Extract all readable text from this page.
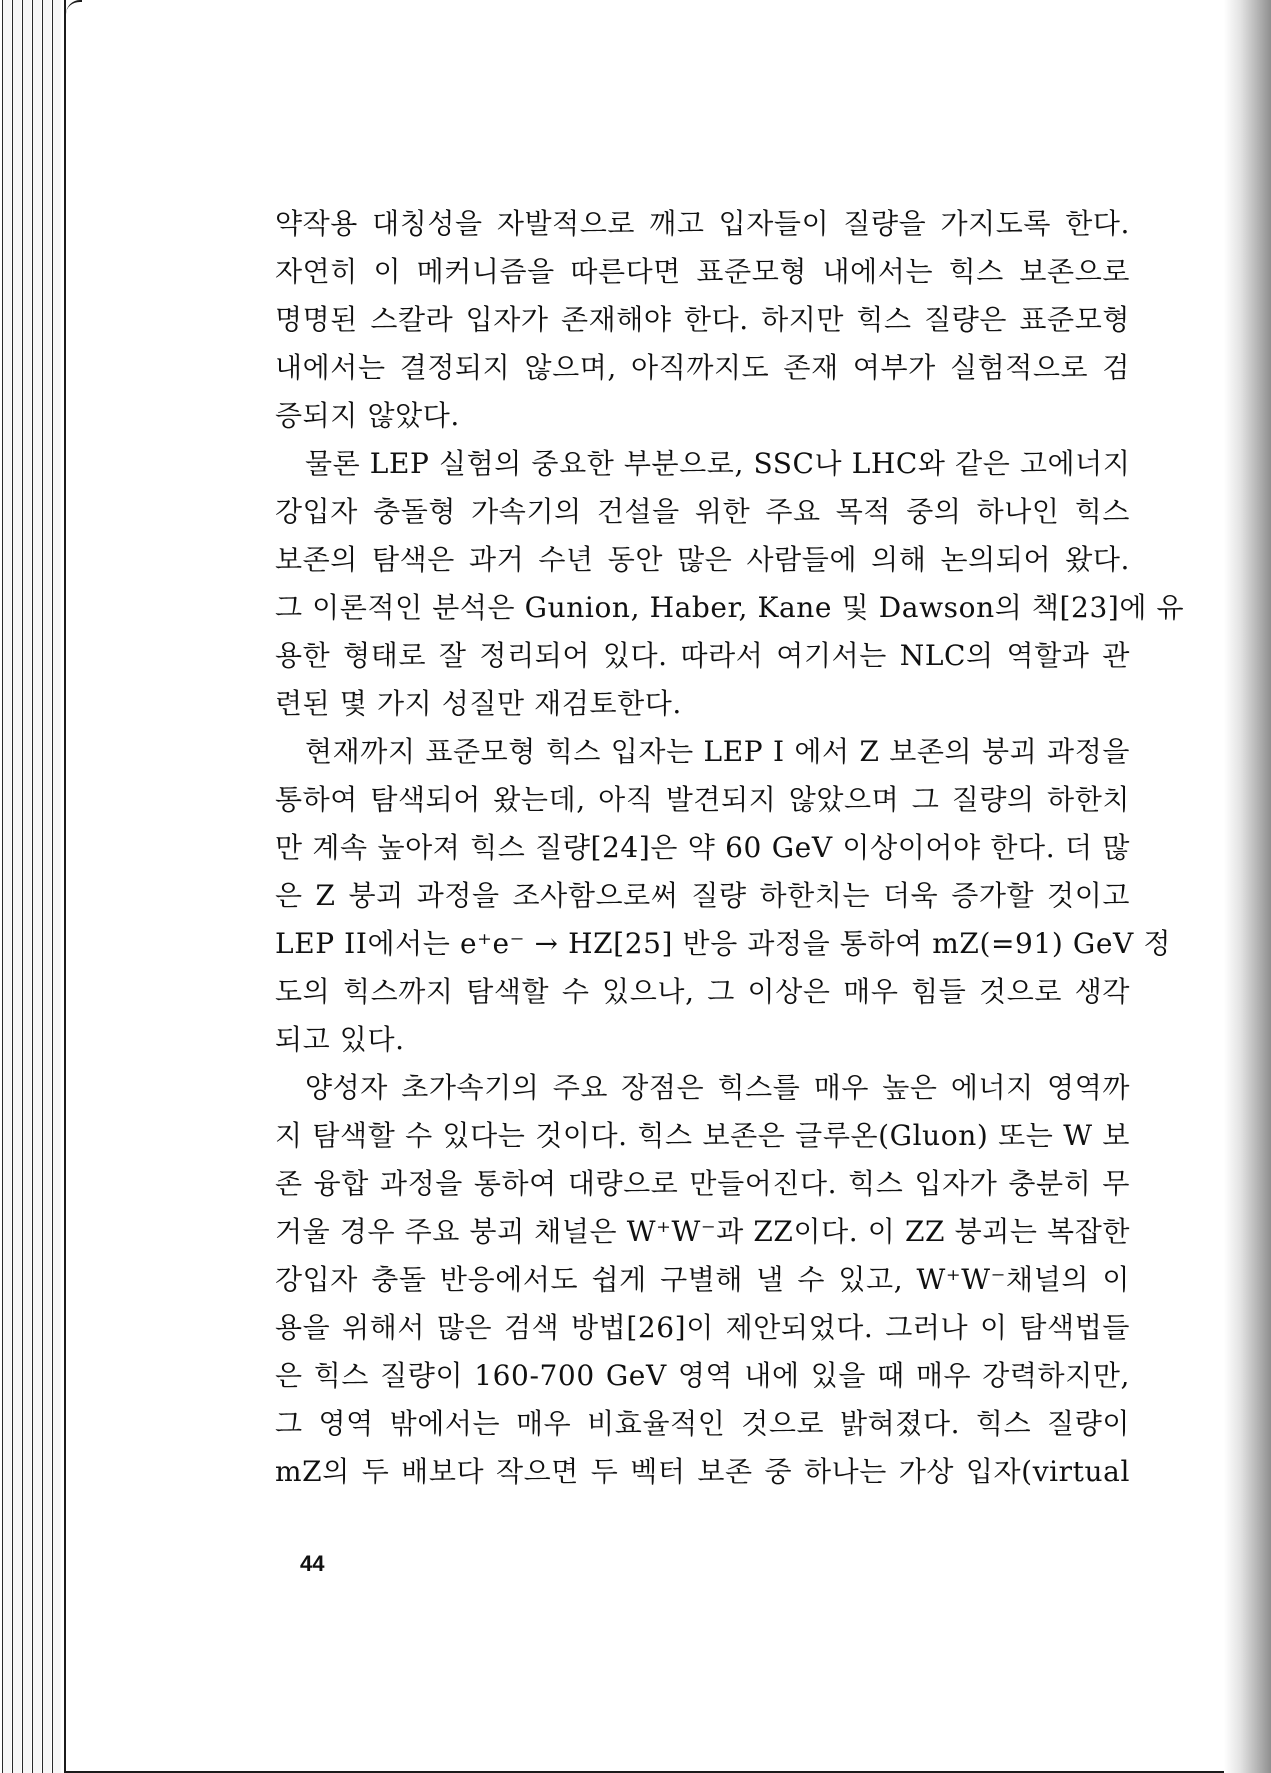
약작용 대칭성을 자발적으로 깨고 입자들이 질량을 가지도록 한다.
자연히 이 메커니즘을 따른다면 표준모형 내에서는 힉스 보존으로
명명된 스칼라 입자가 존재해야 한다. 하지만 힉스 질량은 표준모형
내에서는 결정되지 않으며, 아직까지도 존재 여부가 실험적으로 검
증되지 않았다.
물론 LEP 실험의 중요한 부분으로, SSC나 LHC와 같은 고에너지
강입자 충돌형 가속기의 건설을 위한 주요 목적 중의 하나인 힉스
보존의 탐색은 과거 수년 동안 많은 사람들에 의해 논의되어 왔다.
그 이론적인 분석은 Gunion, Haber, Kane 및 Dawson의 책[23]에 유
용한 형태로 잘 정리되어 있다. 따라서 여기서는 NLC의 역할과 관
련된 몇 가지 성질만 재검토한다.
현재까지 표준모형 힉스 입자는 LEP I 에서 Z 보존의 붕괴 과정을
통하여 탐색되어 왔는데, 아직 발견되지 않았으며 그 질량의 하한치
만 계속 높아져 힉스 질량[24]은 약 60 GeV 이상이어야 한다. 더 많
은 Z 붕괴 과정을 조사함으로써 질량 하한치는 더욱 증가할 것이고
LEP II에서는 e⁺e⁻ → HZ[25] 반응 과정을 통하여 mZ(=91) GeV 정
도의 힉스까지 탐색할 수 있으나, 그 이상은 매우 힘들 것으로 생각
되고 있다.
양성자 초가속기의 주요 장점은 힉스를 매우 높은 에너지 영역까
지 탐색할 수 있다는 것이다. 힉스 보존은 글루온(Gluon) 또는 W 보
존 융합 과정을 통하여 대량으로 만들어진다. 힉스 입자가 충분히 무
거울 경우 주요 붕괴 채널은 W⁺W⁻과 ZZ이다. 이 ZZ 붕괴는 복잡한
강입자 충돌 반응에서도 쉽게 구별해 낼 수 있고, W⁺W⁻채널의 이
용을 위해서 많은 검색 방법[26]이 제안되었다. 그러나 이 탐색법들
은 힉스 질량이 160-700 GeV 영역 내에 있을 때 매우 강력하지만,
그 영역 밖에서는 매우 비효율적인 것으로 밝혀졌다. 힉스 질량이
mZ의 두 배보다 작으면 두 벡터 보존 중 하나는 가상 입자(virtual
44
